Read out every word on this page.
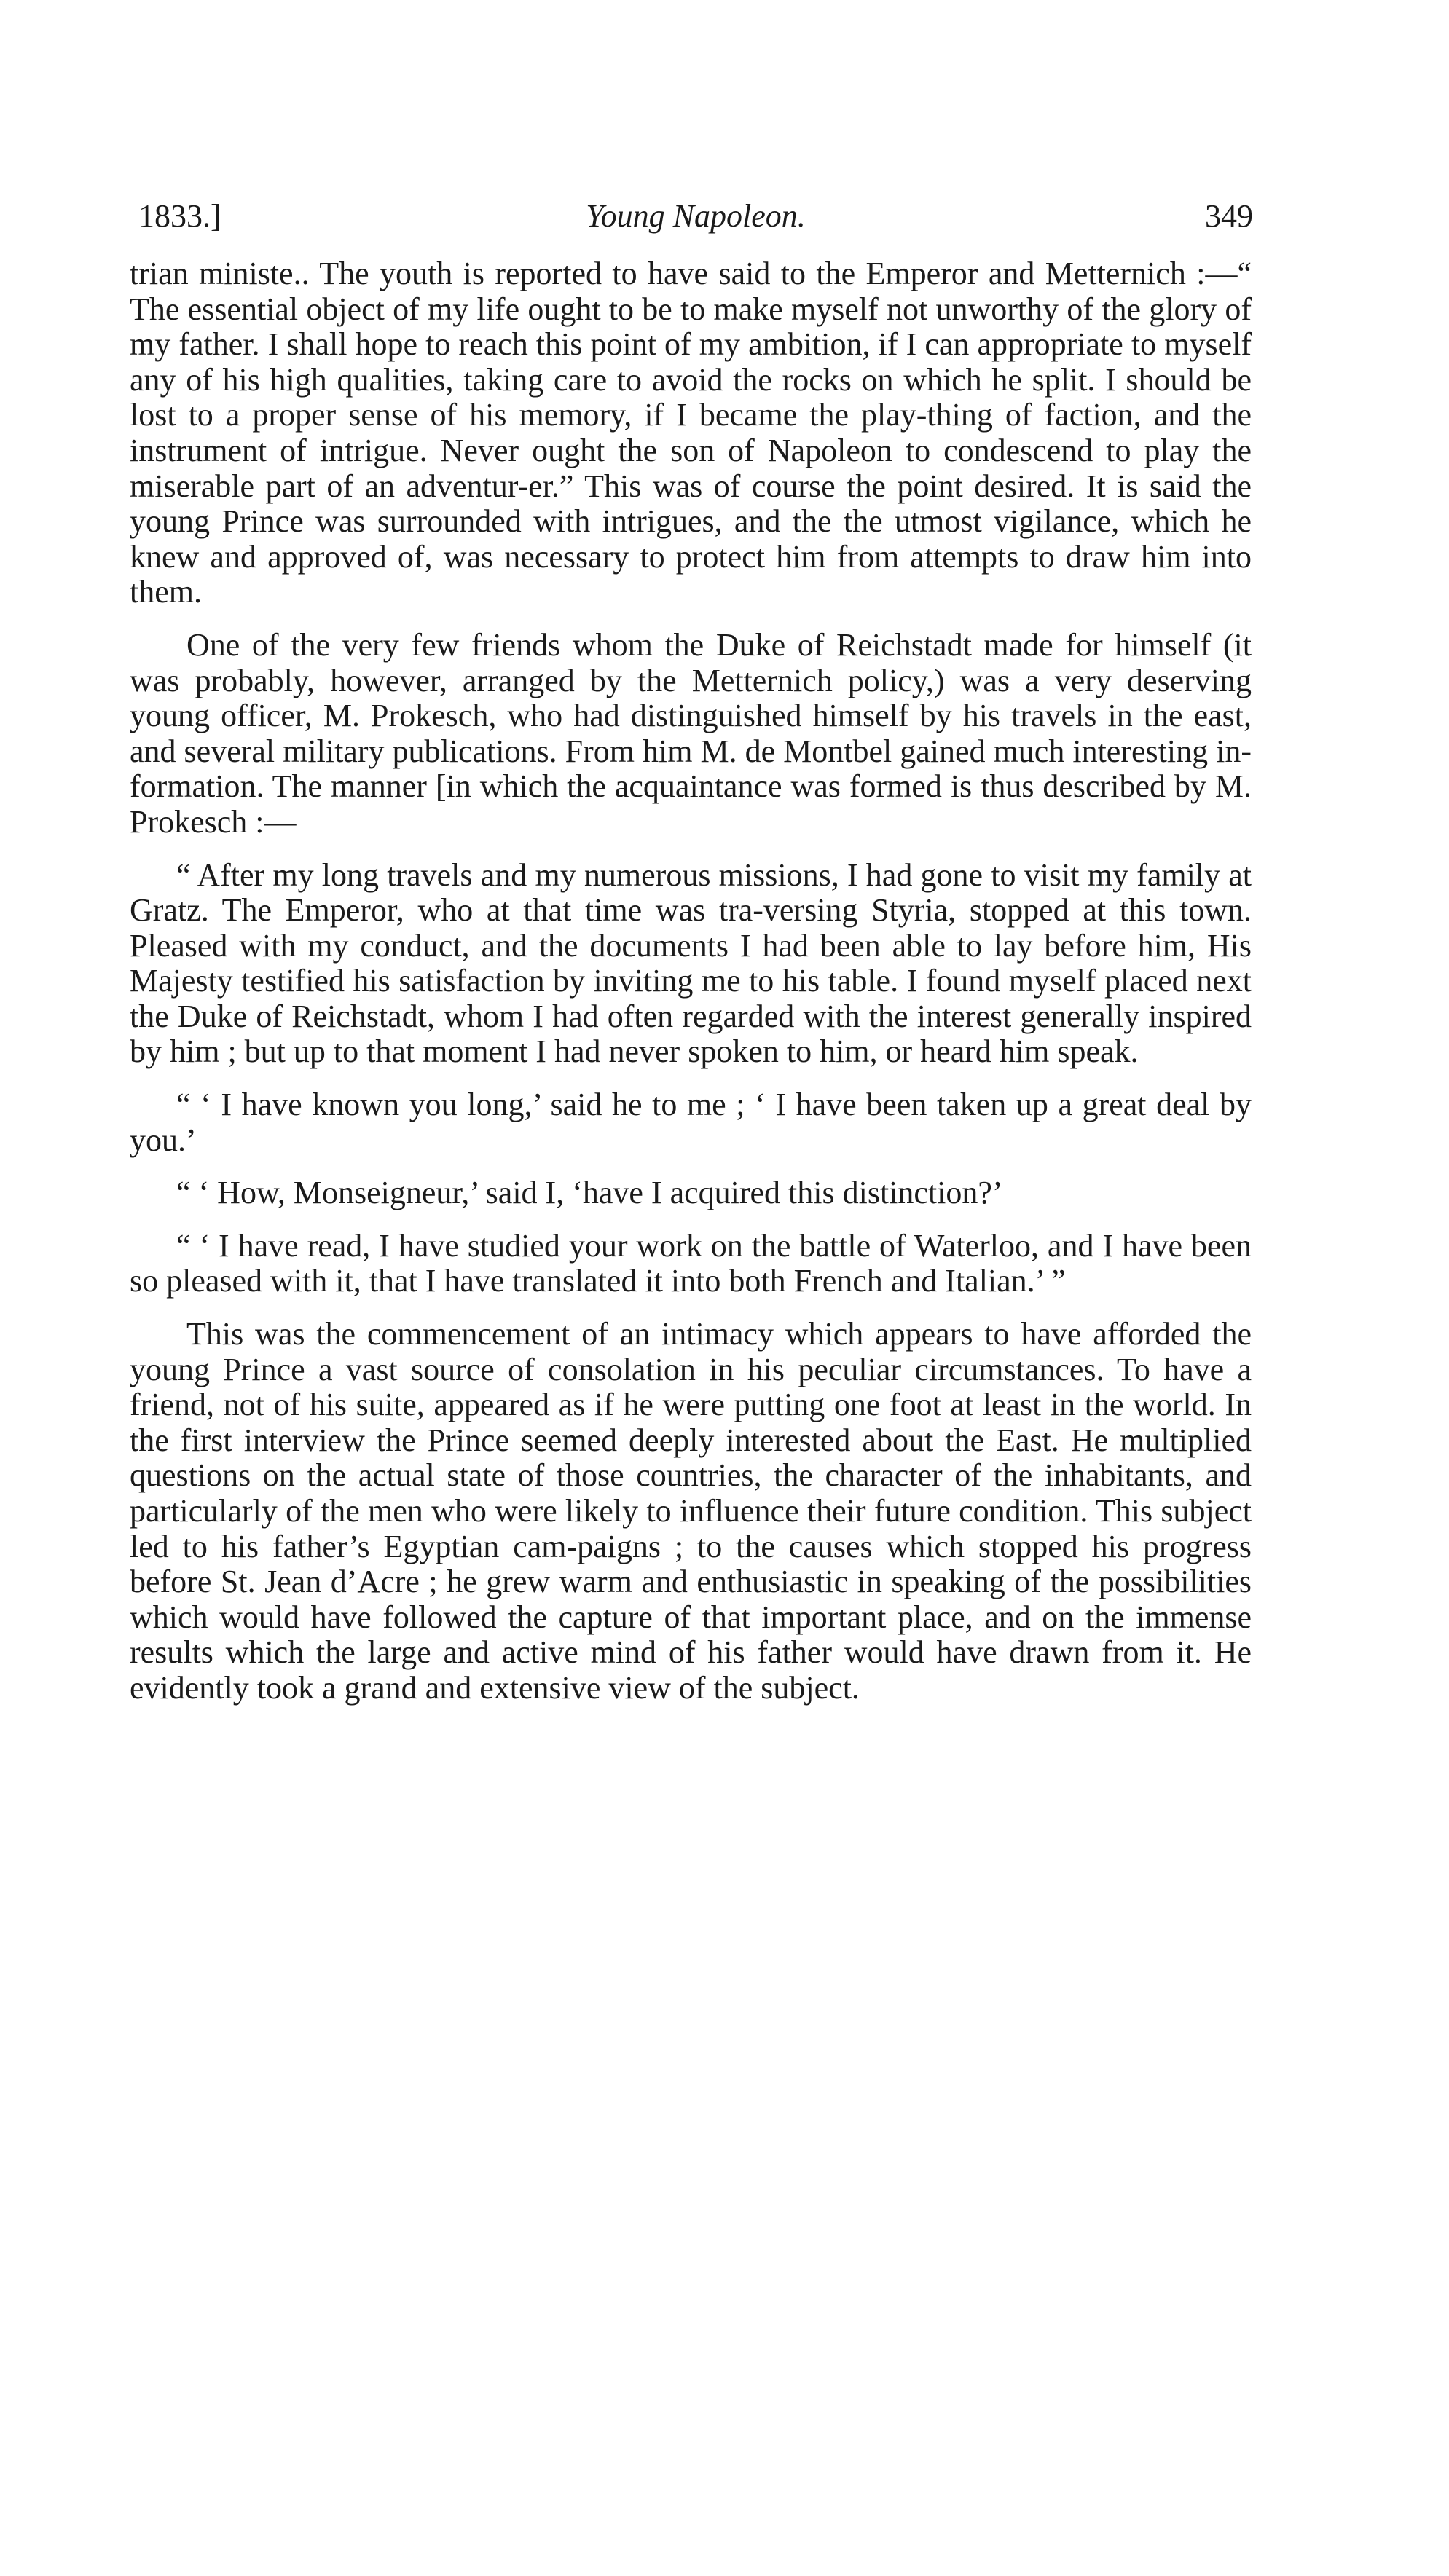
1833.]	Young Napoleon.	349

trian ministe.. The youth is reported to have said to the Emperor and Metternich :—“ The essential object of my life ought to be to make myself not unworthy of the glory of my father. I shall hope to reach this point of my ambition, if I can appropriate to myself any of his high qualities, taking care to avoid the rocks on which he split. I should be lost to a proper sense of his memory, if I became the play-thing of faction, and the instrument of intrigue. Never ought the son of Napoleon to condescend to play the miserable part of an adventur-er.” This was of course the point desired. It is said the young Prince was surrounded with intrigues, and the the utmost vigilance, which he knew and approved of, was necessary to protect him from attempts to draw him into them.

One of the very few friends whom the Duke of Reichstadt made for himself (it was probably, however, arranged by the Metternich policy,) was a very deserving young officer, M. Prokesch, who had distinguished himself by his travels in the east, and several military publications. From him M. de Montbel gained much interesting in-formation. The manner [in which the acquaintance was formed is thus described by M. Prokesch :—

“ After my long travels and my numerous missions, I had gone to visit my family at Gratz. The Emperor, who at that time was tra-versing Styria, stopped at this town. Pleased with my conduct, and the documents I had been able to lay before him, His Majesty testified his satisfaction by inviting me to his table. I found myself placed next the Duke of Reichstadt, whom I had often regarded with the interest generally inspired by him ; but up to that moment I had never spoken to him, or heard him speak.

“ ‘ I have known you long,’ said he to me ; ‘ I have been taken up a great deal by you.’

“ ‘ How, Monseigneur,’ said I, ‘have I acquired this distinction?’

“ ‘ I have read, I have studied your work on the battle of Waterloo, and I have been so pleased with it, that I have translated it into both French and Italian.’ ”

This was the commencement of an intimacy which appears to have afforded the young Prince a vast source of consolation in his peculiar circumstances. To have a friend, not of his suite, appeared as if he were putting one foot at least in the world. In the first interview the Prince seemed deeply interested about the East. He multiplied questions on the actual state of those countries, the character of the inhabitants, and particularly of the men who were likely to influence their future condition. This subject led to his father’s Egyptian cam-paigns ; to the causes which stopped his progress before St. Jean d’Acre ; he grew warm and enthusiastic in speaking of the possibilities which would have followed the capture of that important place, and on the immense results which the large and active mind of his father would have drawn from it. He evidently took a grand and extensive view of the subject.
